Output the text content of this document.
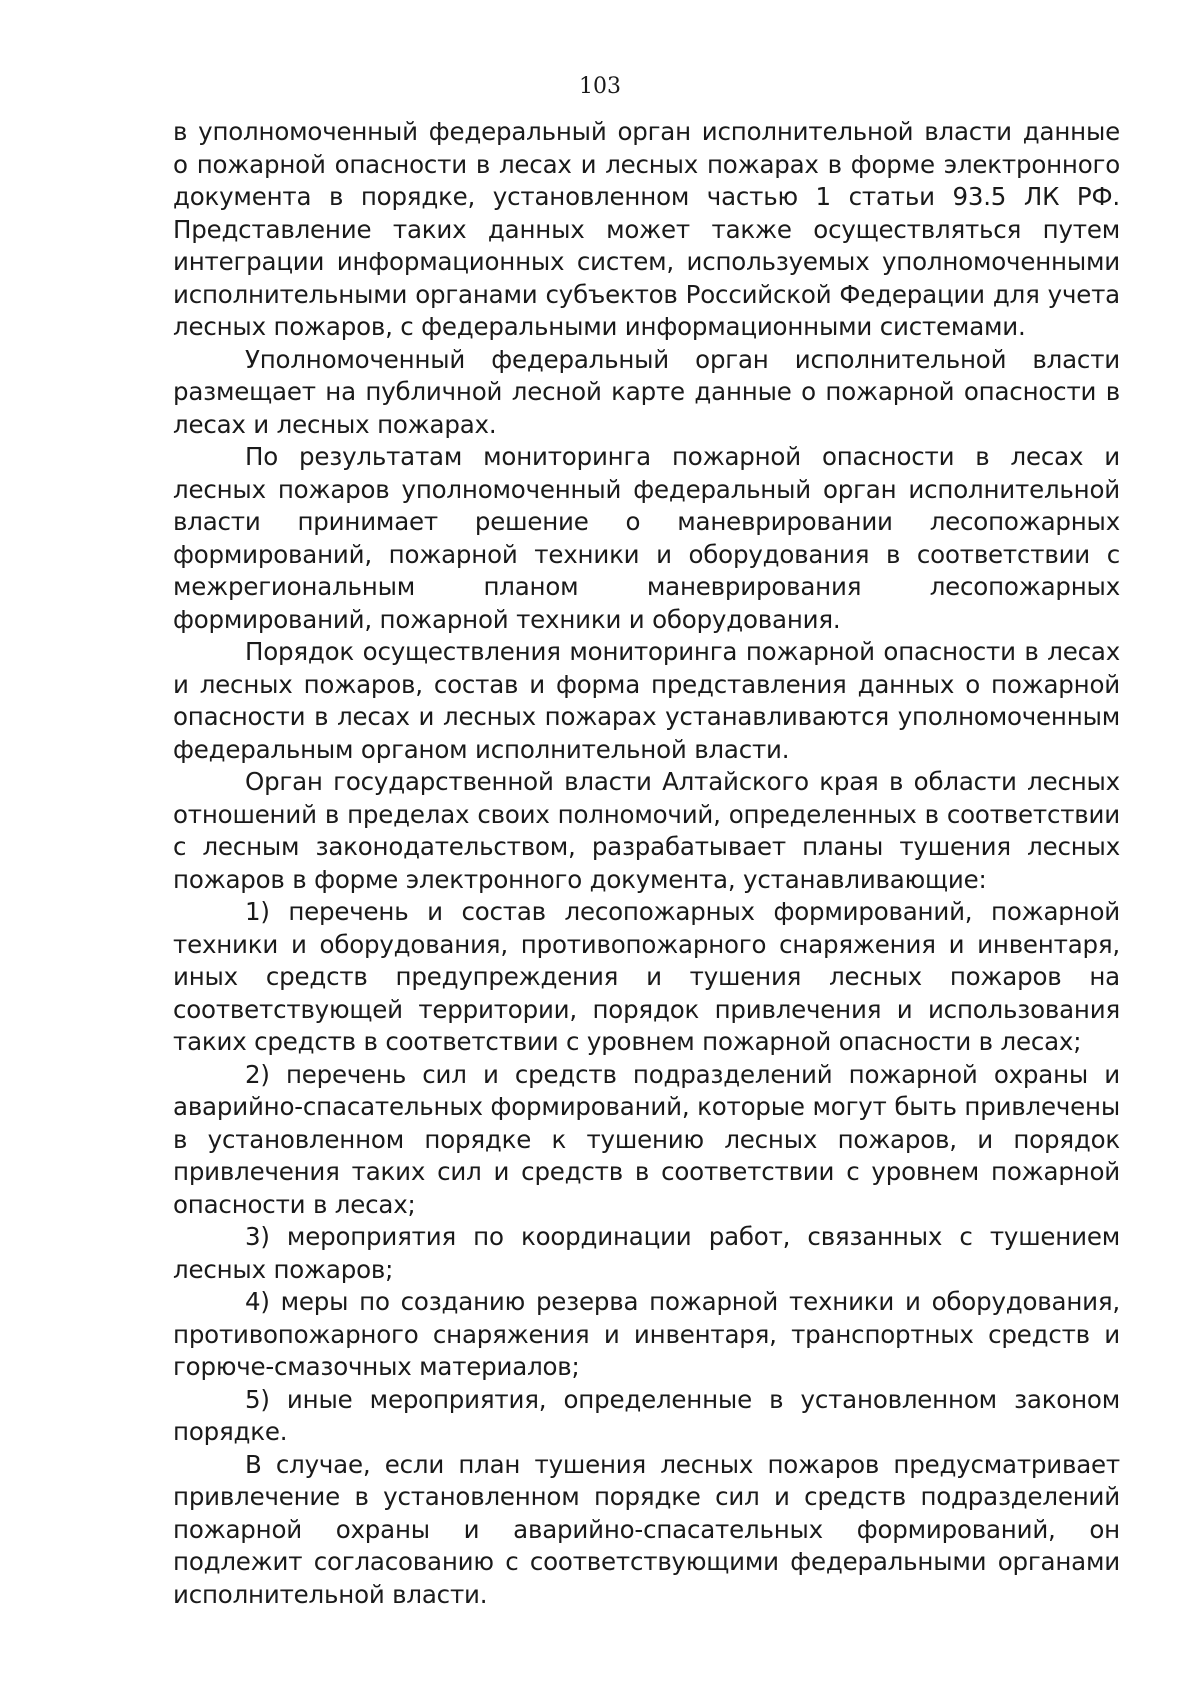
103

в уполномоченный федеральный орган исполнительной власти данные о пожарной опасности в лесах и лесных пожарах в форме электронного документа в порядке, установленном частью 1 статьи 93.5 ЛК РФ. Представление таких данных может также осуществляться путем интеграции информационных систем, используемых уполномоченными исполнительными органами субъектов Российской Федерации для учета лесных пожаров, с федеральными информационными системами.

Уполномоченный федеральный орган исполнительной власти размещает на публичной лесной карте данные о пожарной опасности в лесах и лесных пожарах.

По результатам мониторинга пожарной опасности в лесах и лесных пожаров уполномоченный федеральный орган исполнительной власти принимает решение о маневрировании лесопожарных формирований, пожарной техники и оборудования в соответствии с межрегиональным планом маневрирования лесопожарных формирований, пожарной техники и оборудования.

Порядок осуществления мониторинга пожарной опасности в лесах и лесных пожаров, состав и форма представления данных о пожарной опасности в лесах и лесных пожарах устанавливаются уполномоченным федеральным органом исполнительной власти.

Орган государственной власти Алтайского края в области лесных отношений в пределах своих полномочий, определенных в соответствии с лесным законодательством, разрабатывает планы тушения лесных пожаров в форме электронного документа, устанавливающие:

1) перечень и состав лесопожарных формирований, пожарной техники и оборудования, противопожарного снаряжения и инвентаря, иных средств предупреждения и тушения лесных пожаров на соответствующей территории, порядок привлечения и использования таких средств в соответствии с уровнем пожарной опасности в лесах;

2) перечень сил и средств подразделений пожарной охраны и аварийно-спасательных формирований, которые могут быть привлечены в установленном порядке к тушению лесных пожаров, и порядок привлечения таких сил и средств в соответствии с уровнем пожарной опасности в лесах;

3) мероприятия по координации работ, связанных с тушением лесных пожаров;

4) меры по созданию резерва пожарной техники и оборудования, противопожарного снаряжения и инвентаря, транспортных средств и горюче-смазочных материалов;

5) иные мероприятия, определенные в установленном законом порядке.

В случае, если план тушения лесных пожаров предусматривает привлечение в установленном порядке сил и средств подразделений пожарной охраны и аварийно-спасательных формирований, он подлежит согласованию с соответствующими федеральными органами исполнительной власти.
